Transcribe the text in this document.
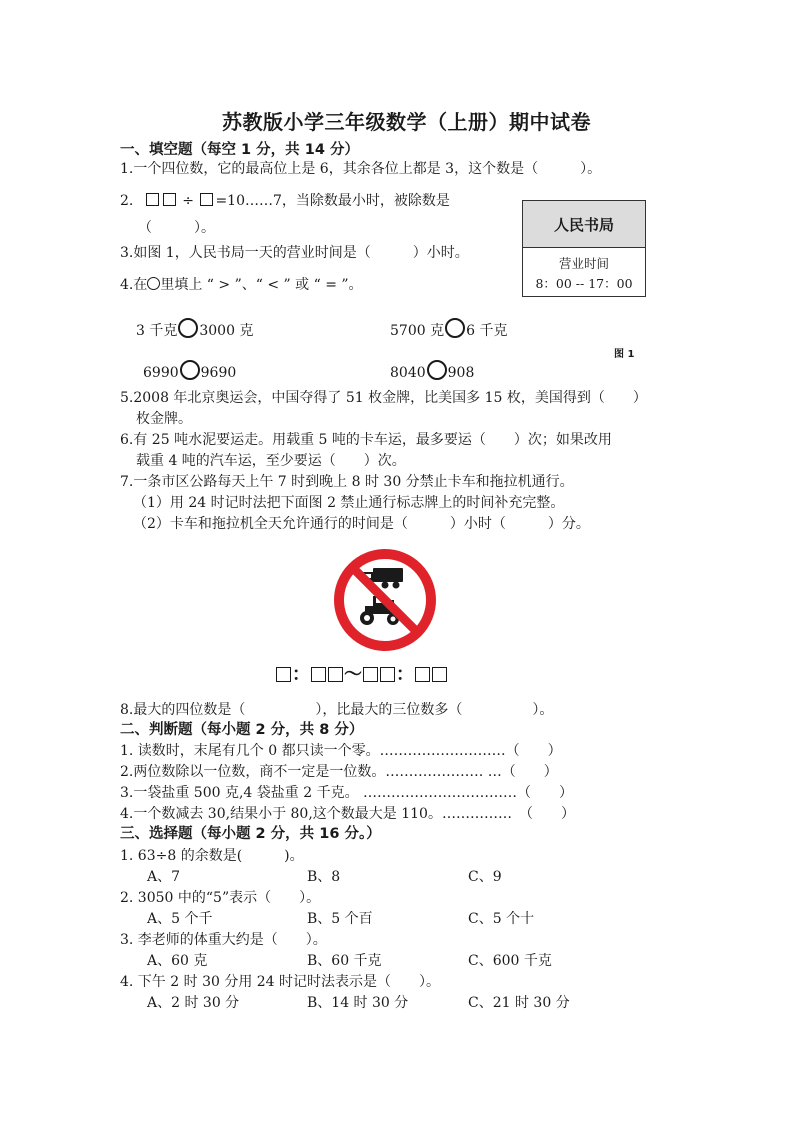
苏教版小学三年级数学（上册）期中试卷
一、填空题（每空 1 分，共 14 分）
1.一个四位数，它的最高位上是 6，其余各位上都是 3，这个数是（　　　）。
2.	÷ =10……7，当除数最小时，被除数是
（　　　）。	人民书局
营业时间
8：00 -- 17：00
图 1
3.如图 1，人民书局一天的营业时间是（　　　）小时。
4.在 里填上 “ > ”、“ < ” 或 “ = ”。
3 千克 3000 克	5700 克 6 千克
6990 9690	8040 908
5.2008 年北京奥运会，中国夺得了 51 枚金牌，比美国多 15 枚，美国得到（　　）
枚金牌。
6.有 25 吨水泥要运走。用载重 5 吨的卡车运，最多要运（　　）次；如果改用
载重 4 吨的汽车运，至少要运（　　）次。
7.一条市区公路每天上午 7 时到晚上 8 时 30 分禁止卡车和拖拉机通行。
（1）用 24 时记时法把下面图 2 禁止通行标志牌上的时间补充完整。
（2）卡车和拖拉机全天允许通行的时间是（　　　）小时（　　　）分。
： ～ ：
8.最大的四位数是（　　　　　），比最大的三位数多（　　　　　）。
二、判断题（每小题 2 分，共 8 分）
1. 读数时，末尾有几个 0 都只读一个零。………………………（　　）
2.两位数除以一位数，商不一定是一位数。………………… …（　　）
3.一袋盐重 500 克,4 袋盐重 2 千克。 ……………………………（　　）
4.一个数减去 30,结果小于 80,这个数最大是 110。……………　（　　）
三、选择题（每小题 2 分，共 16 分。）
1. 63÷8 的余数是(　　　)。
A、7	B、8	C、9
2. 3050 中的“5”表示（　　）。
A、5 个千	B、5 个百	C、5 个十
3. 李老师的体重大约是（　　）。
A、60 克	B、60 千克	C、600 千克
4. 下午 2 时 30 分用 24 时记时法表示是（　　）。
A、2 时 30 分	B、14 时 30 分	C、21 时 30 分
